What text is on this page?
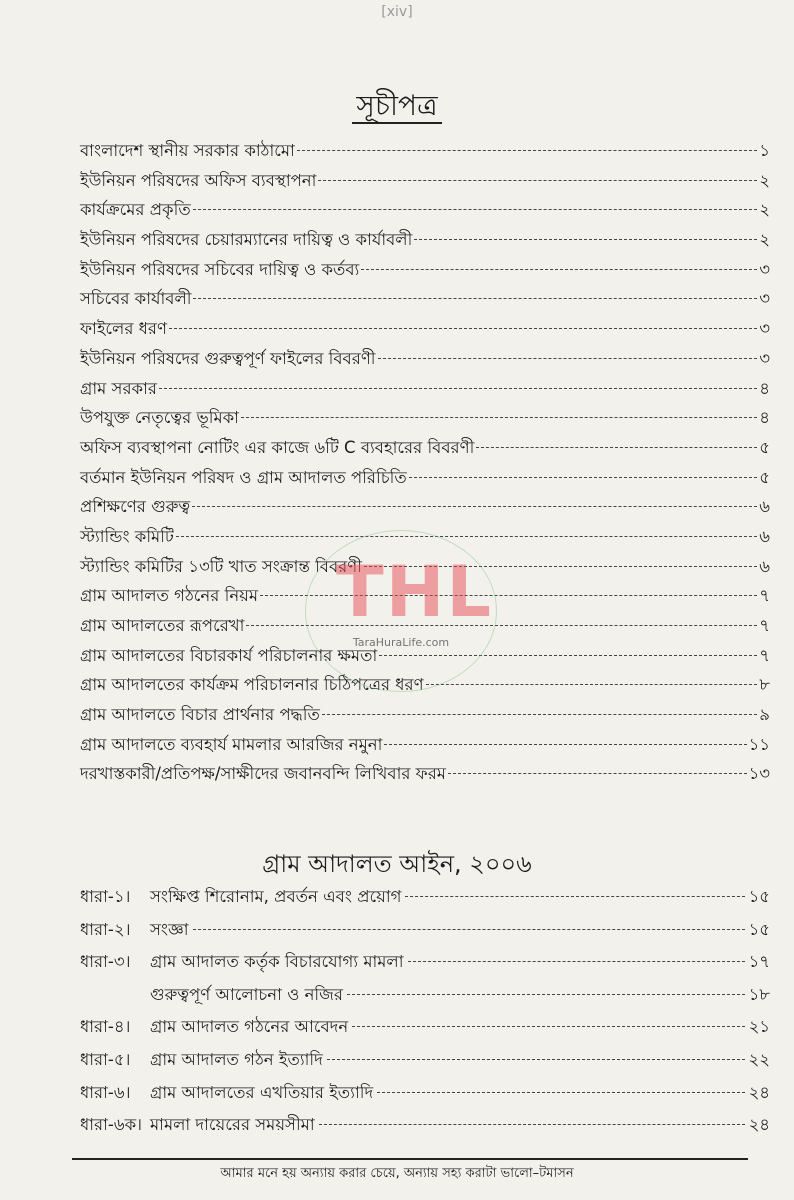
[xiv]
সূচীপত্র
বাংলাদেশ স্থানীয় সরকার কাঠামো	১
ইউনিয়ন পরিষদের অফিস ব্যবস্থাপনা	২
কার্যক্রমের প্রকৃতি	২
ইউনিয়ন পরিষদের চেয়ারম্যানের দায়িত্ব ও কার্যাবলী	২
ইউনিয়ন পরিষদের সচিবের দায়িত্ব ও কর্তব্য	৩
সচিবের কার্যাবলী	৩
ফাইলের ধরণ	৩
ইউনিয়ন পরিষদের গুরুত্বপূর্ণ ফাইলের বিবরণী	৩
গ্রাম সরকার	৪
উপযুক্ত নেতৃত্বের ভূমিকা	৪
অফিস ব্যবস্থাপনা নোটিং এর কাজে ৬টি C ব্যবহারের বিবরণী	৫
বর্তমান ইউনিয়ন পরিষদ ও গ্রাম আদালত পরিচিতি	৫
প্রশিক্ষণের গুরুত্ব	৬
স্ট্যান্ডিং কমিটি	৬
স্ট্যান্ডিং কমিটির ১৩টি খাত সংক্রান্ত বিবরণী	৬
গ্রাম আদালত গঠনের নিয়ম	৭
গ্রাম আদালতের রূপরেখা	৭
গ্রাম আদালতের বিচারকার্য পরিচালনার ক্ষমতা	৭
গ্রাম আদালতের কার্যক্রম পরিচালনার চিঠিপত্রের ধরণ	৮
গ্রাম আদালতে বিচার প্রার্থনার পদ্ধতি	৯
গ্রাম আদালতে ব্যবহার্য মামলার আরজির নমুনা	১১
দরখাস্তকারী/প্রতিপক্ষ/সাক্ষীদের জবানবন্দি লিখিবার ফরম	১৩
গ্রাম আদালত আইন, ২০০৬
ধারা-১।	সংক্ষিপ্ত শিরোনাম, প্রবর্তন এবং প্রয়োগ	১৫
ধারা-২।	সংজ্ঞা	১৫
ধারা-৩।	গ্রাম আদালত কর্তৃক বিচারযোগ্য মামলা	১৭
গুরুত্বপূর্ণ আলোচনা ও নজির	১৮
ধারা-৪।	গ্রাম আদালত গঠনের আবেদন	২১
ধারা-৫।	গ্রাম আদালত গঠন ইত্যাদি	২২
ধারা-৬।	গ্রাম আদালতের এখতিয়ার ইত্যাদি	২৪
ধারা-৬ক। মামলা দায়েরের সময়সীমা	২৪
THL
TaraHuraLife.com
আমার মনে হয় অন্যায় করার চেয়ে, অন্যায় সহ্য করাটা ভালো–টমাসন
